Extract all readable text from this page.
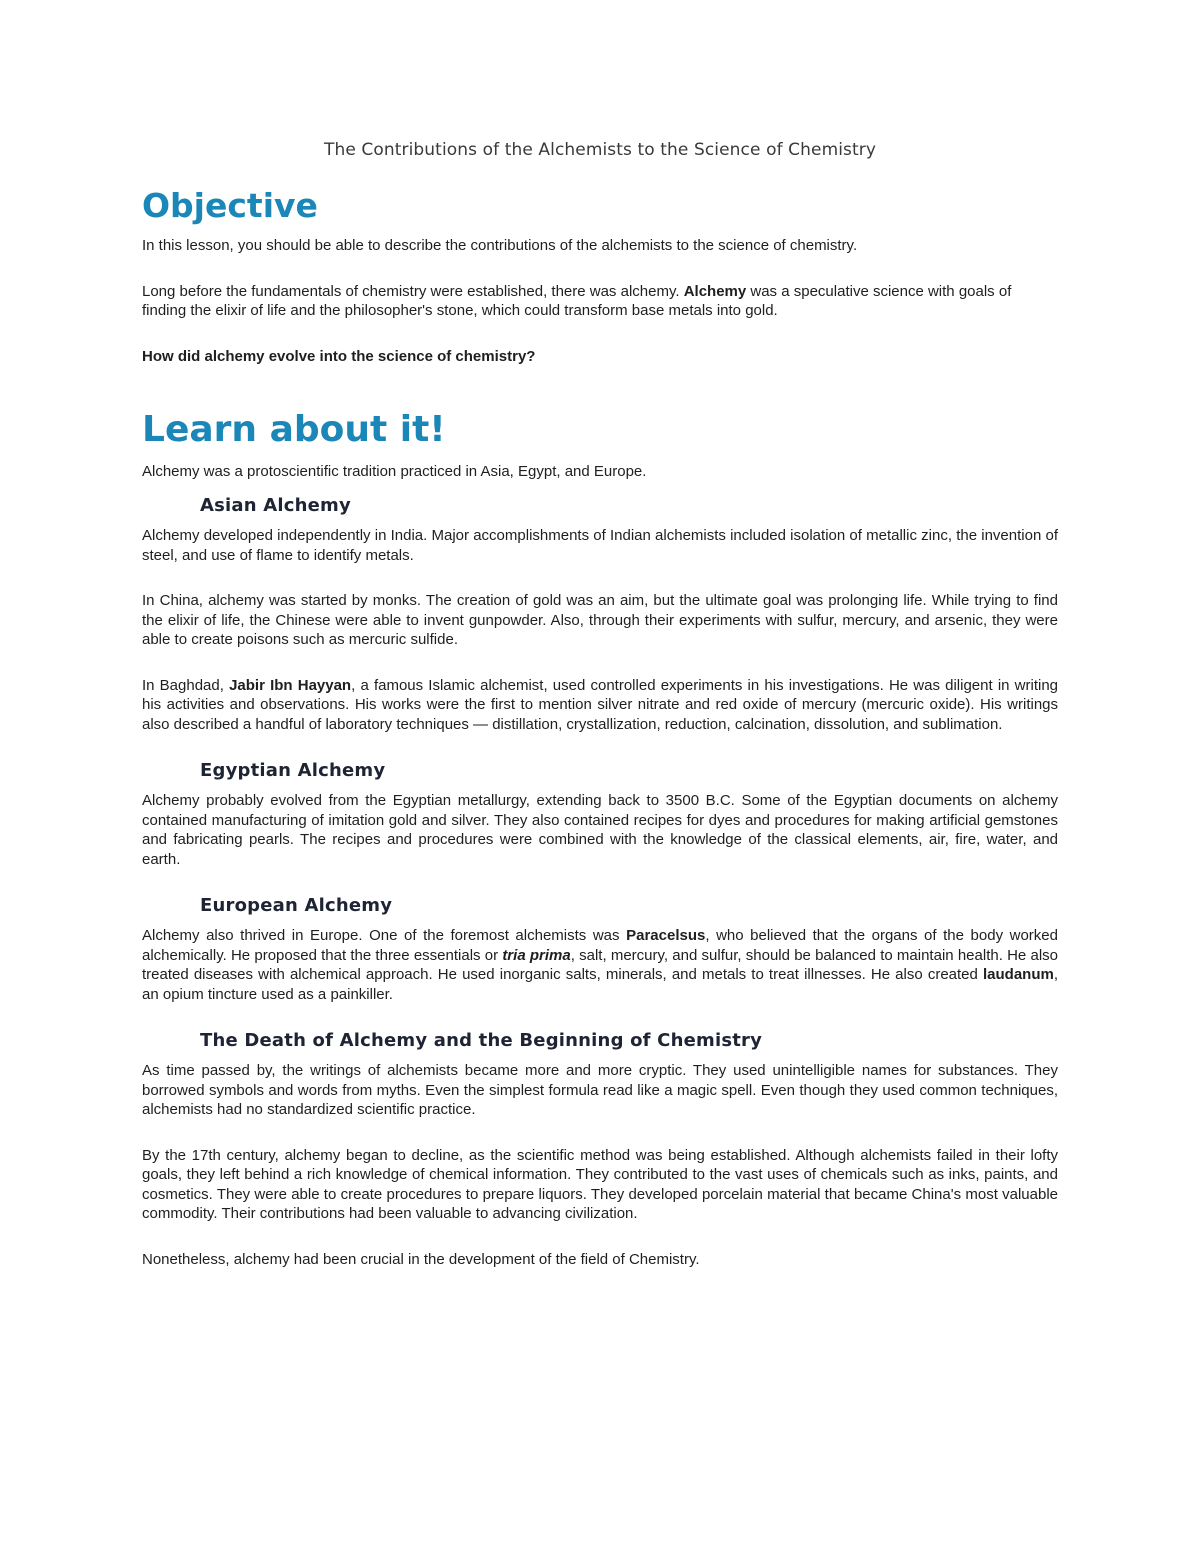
The Contributions of the Alchemists to the Science of Chemistry
Objective

In this lesson, you should be able to describe the contributions of the alchemists to the science of chemistry.

Long before the fundamentals of chemistry were established, there was alchemy. Alchemy was a speculative science with goals of finding the elixir of life and the philosopher's stone, which could transform base metals into gold.

How did alchemy evolve into the science of chemistry?

Learn about it!

Alchemy was a protoscientific tradition practiced in Asia, Egypt, and Europe.

Asian Alchemy

Alchemy developed independently in India. Major accomplishments of Indian alchemists included isolation of metallic zinc, the invention of steel, and use of flame to identify metals.

In China, alchemy was started by monks. The creation of gold was an aim, but the ultimate goal was prolonging life. While trying to find the elixir of life, the Chinese were able to invent gunpowder. Also, through their experiments with sulfur, mercury, and arsenic, they were able to create poisons such as mercuric sulfide.

In Baghdad, Jabir Ibn Hayyan, a famous Islamic alchemist, used controlled experiments in his investigations. He was diligent in writing his activities and observations. His works were the first to mention silver nitrate and red oxide of mercury (mercuric oxide). His writings also described a handful of laboratory techniques — distillation, crystallization, reduction, calcination, dissolution, and sublimation.

Egyptian Alchemy

Alchemy probably evolved from the Egyptian metallurgy, extending back to 3500 B.C. Some of the Egyptian documents on alchemy contained manufacturing of imitation gold and silver. They also contained recipes for dyes and procedures for making artificial gemstones and fabricating pearls. The recipes and procedures were combined with the knowledge of the classical elements, air, fire, water, and earth.

European Alchemy

Alchemy also thrived in Europe. One of the foremost alchemists was Paracelsus, who believed that the organs of the body worked alchemically. He proposed that the three essentials or tria prima, salt, mercury, and sulfur, should be balanced to maintain health. He also treated diseases with alchemical approach. He used inorganic salts, minerals, and metals to treat illnesses. He also created laudanum, an opium tincture used as a painkiller.

The Death of Alchemy and the Beginning of Chemistry

As time passed by, the writings of alchemists became more and more cryptic. They used unintelligible names for substances. They borrowed symbols and words from myths. Even the simplest formula read like a magic spell. Even though they used common techniques, alchemists had no standardized scientific practice.

By the 17th century, alchemy began to decline, as the scientific method was being established. Although alchemists failed in their lofty goals, they left behind a rich knowledge of chemical information. They contributed to the vast uses of chemicals such as inks, paints, and cosmetics. They were able to create procedures to prepare liquors. They developed porcelain material that became China's most valuable commodity. Their contributions had been valuable to advancing civilization.

Nonetheless, alchemy had been crucial in the development of the field of Chemistry.
